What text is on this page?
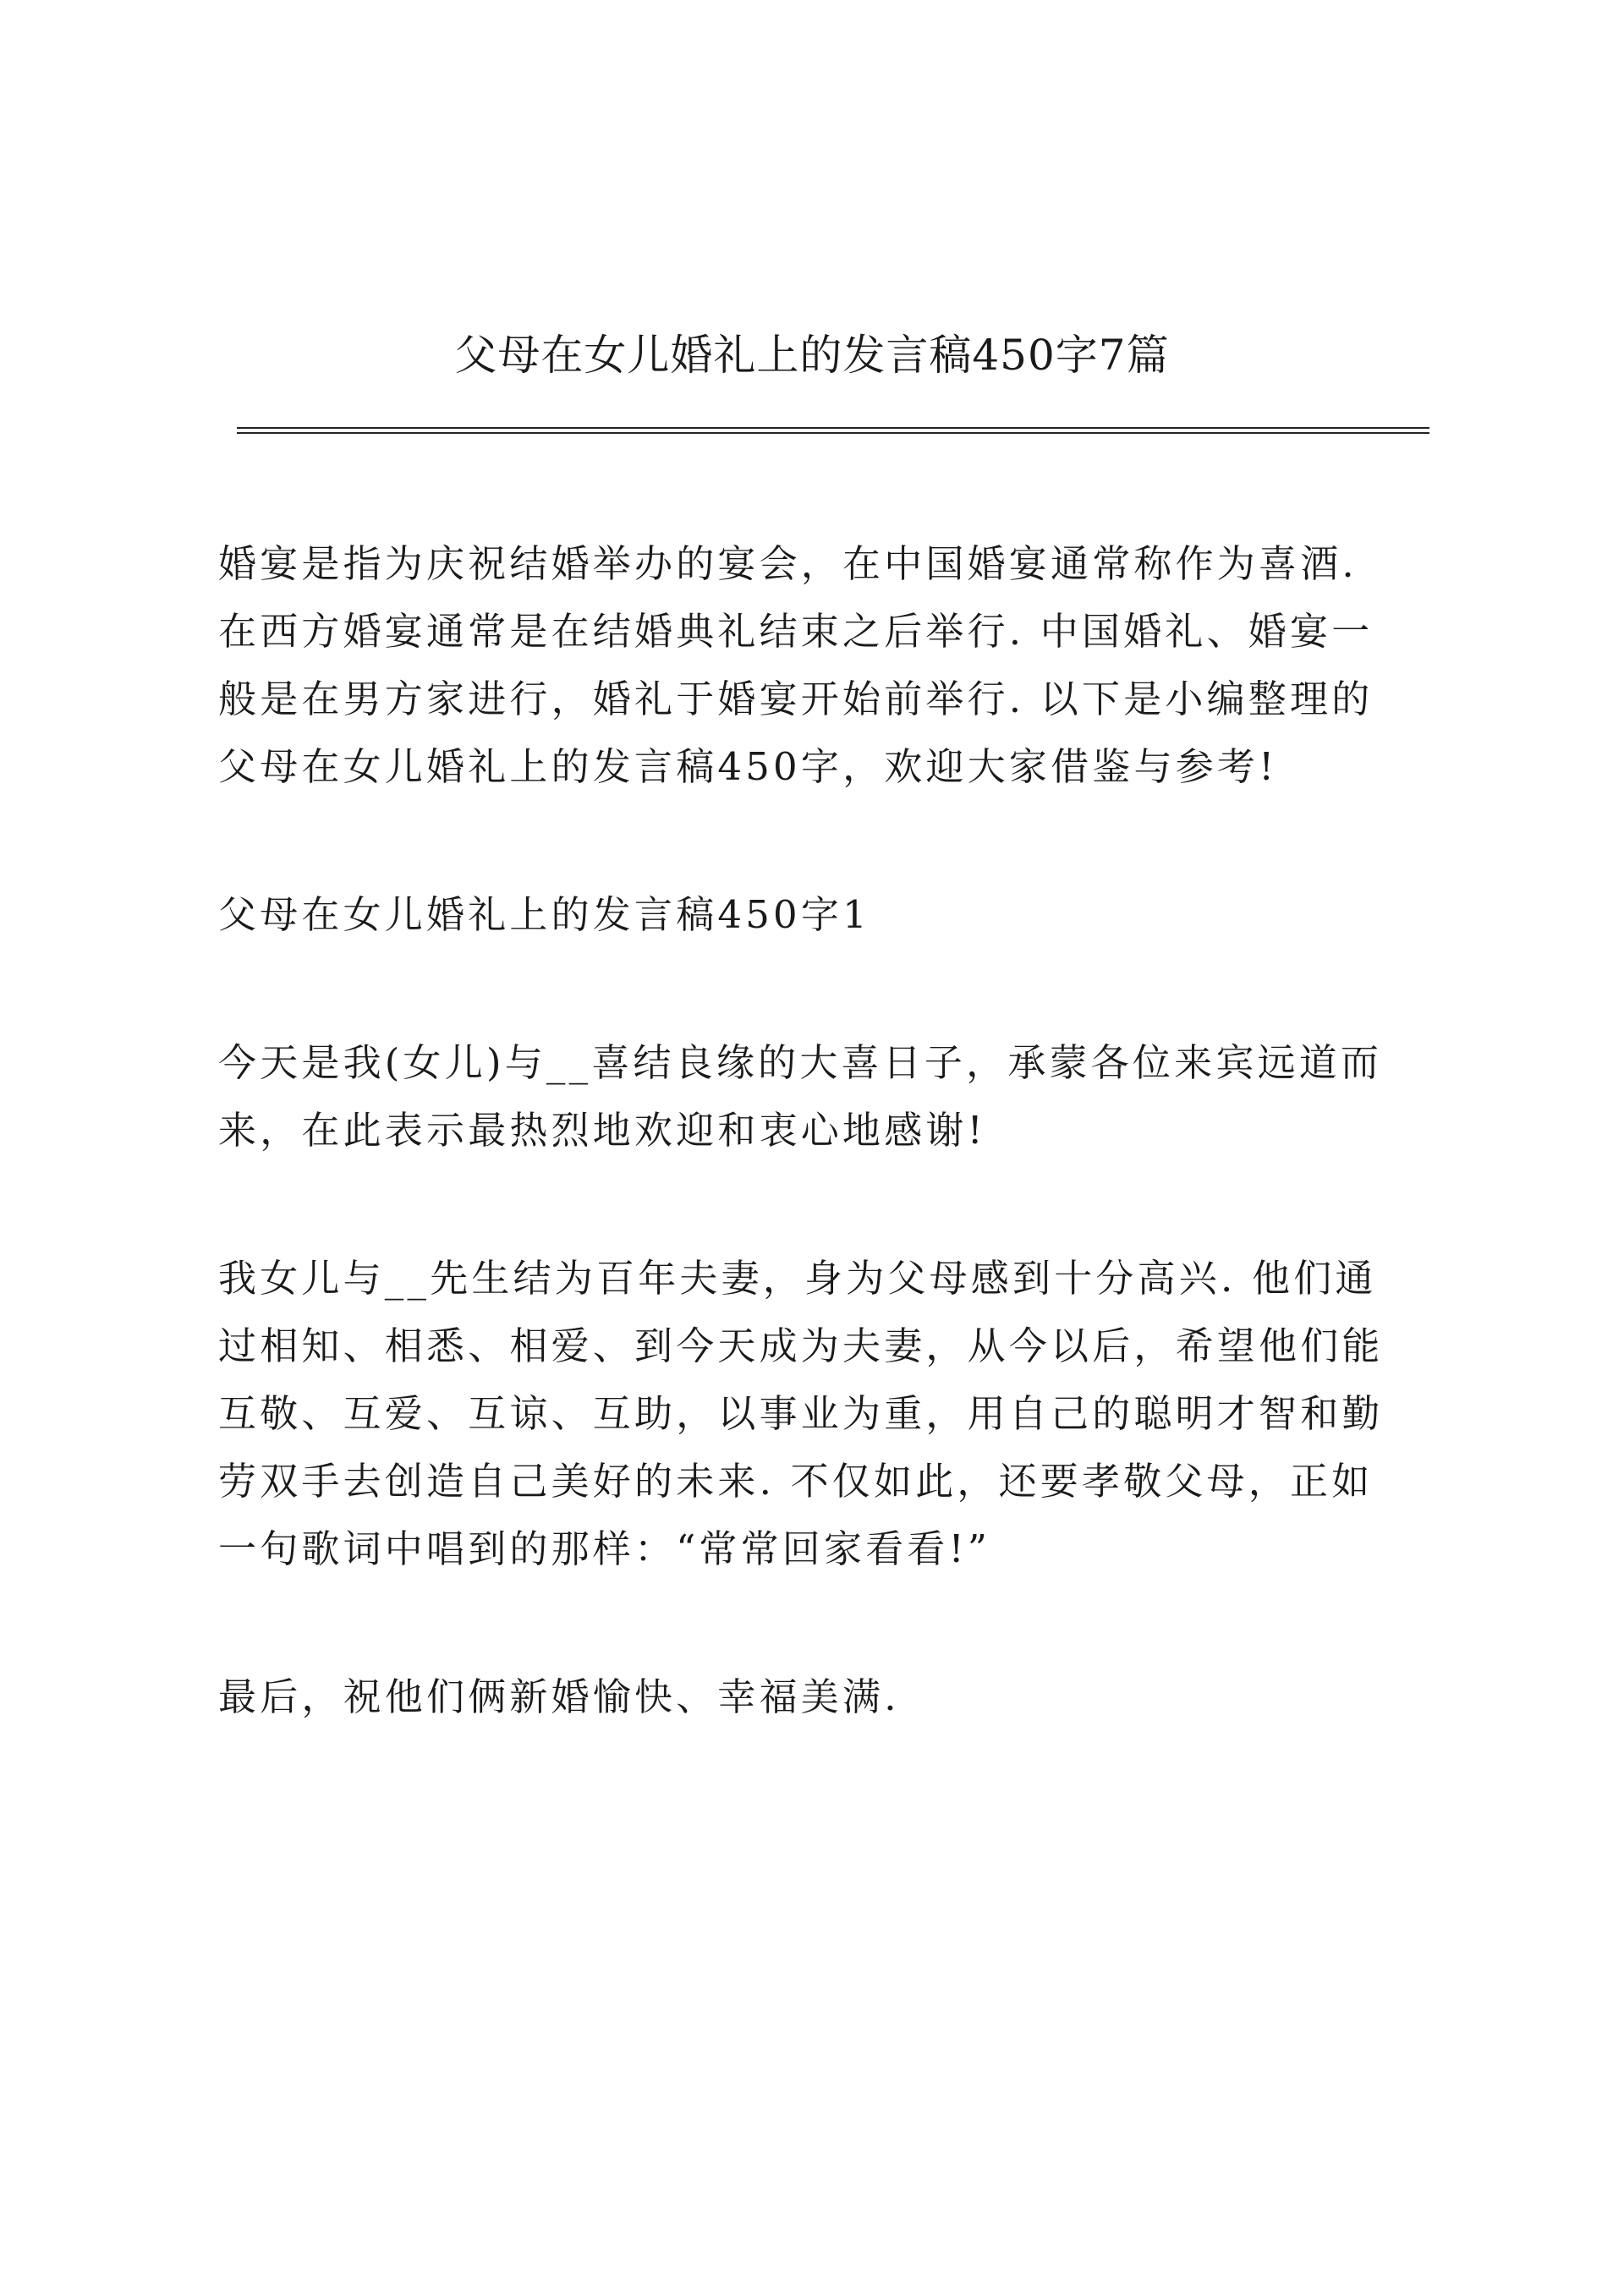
父母在女儿婚礼上的发言稿450字7篇

婚宴是指为庆祝结婚举办的宴会，在中国婚宴通常称作为喜酒.
在西方婚宴通常是在结婚典礼结束之后举行. 中国婚礼、婚宴一
般是在男方家进行，婚礼于婚宴开始前举行. 以下是小编整理的
父母在女儿婚礼上的发言稿450字，欢迎大家借鉴与参考!

父母在女儿婚礼上的发言稿450字1

今天是我(女儿)与__喜结良缘的大喜日子，承蒙各位来宾远道而
来，在此表示最热烈地欢迎和衷心地感谢!

我女儿与__先生结为百年夫妻，身为父母感到十分高兴. 他们通
过相知、相悉、相爱、到今天成为夫妻，从今以后，希望他们能
互敬、互爱、互谅、互助，以事业为重，用自己的聪明才智和勤
劳双手去创造自己美好的未来. 不仅如此，还要孝敬父母，正如
一句歌词中唱到的那样：“常常回家看看!”

最后，祝他们俩新婚愉快、幸福美满.
